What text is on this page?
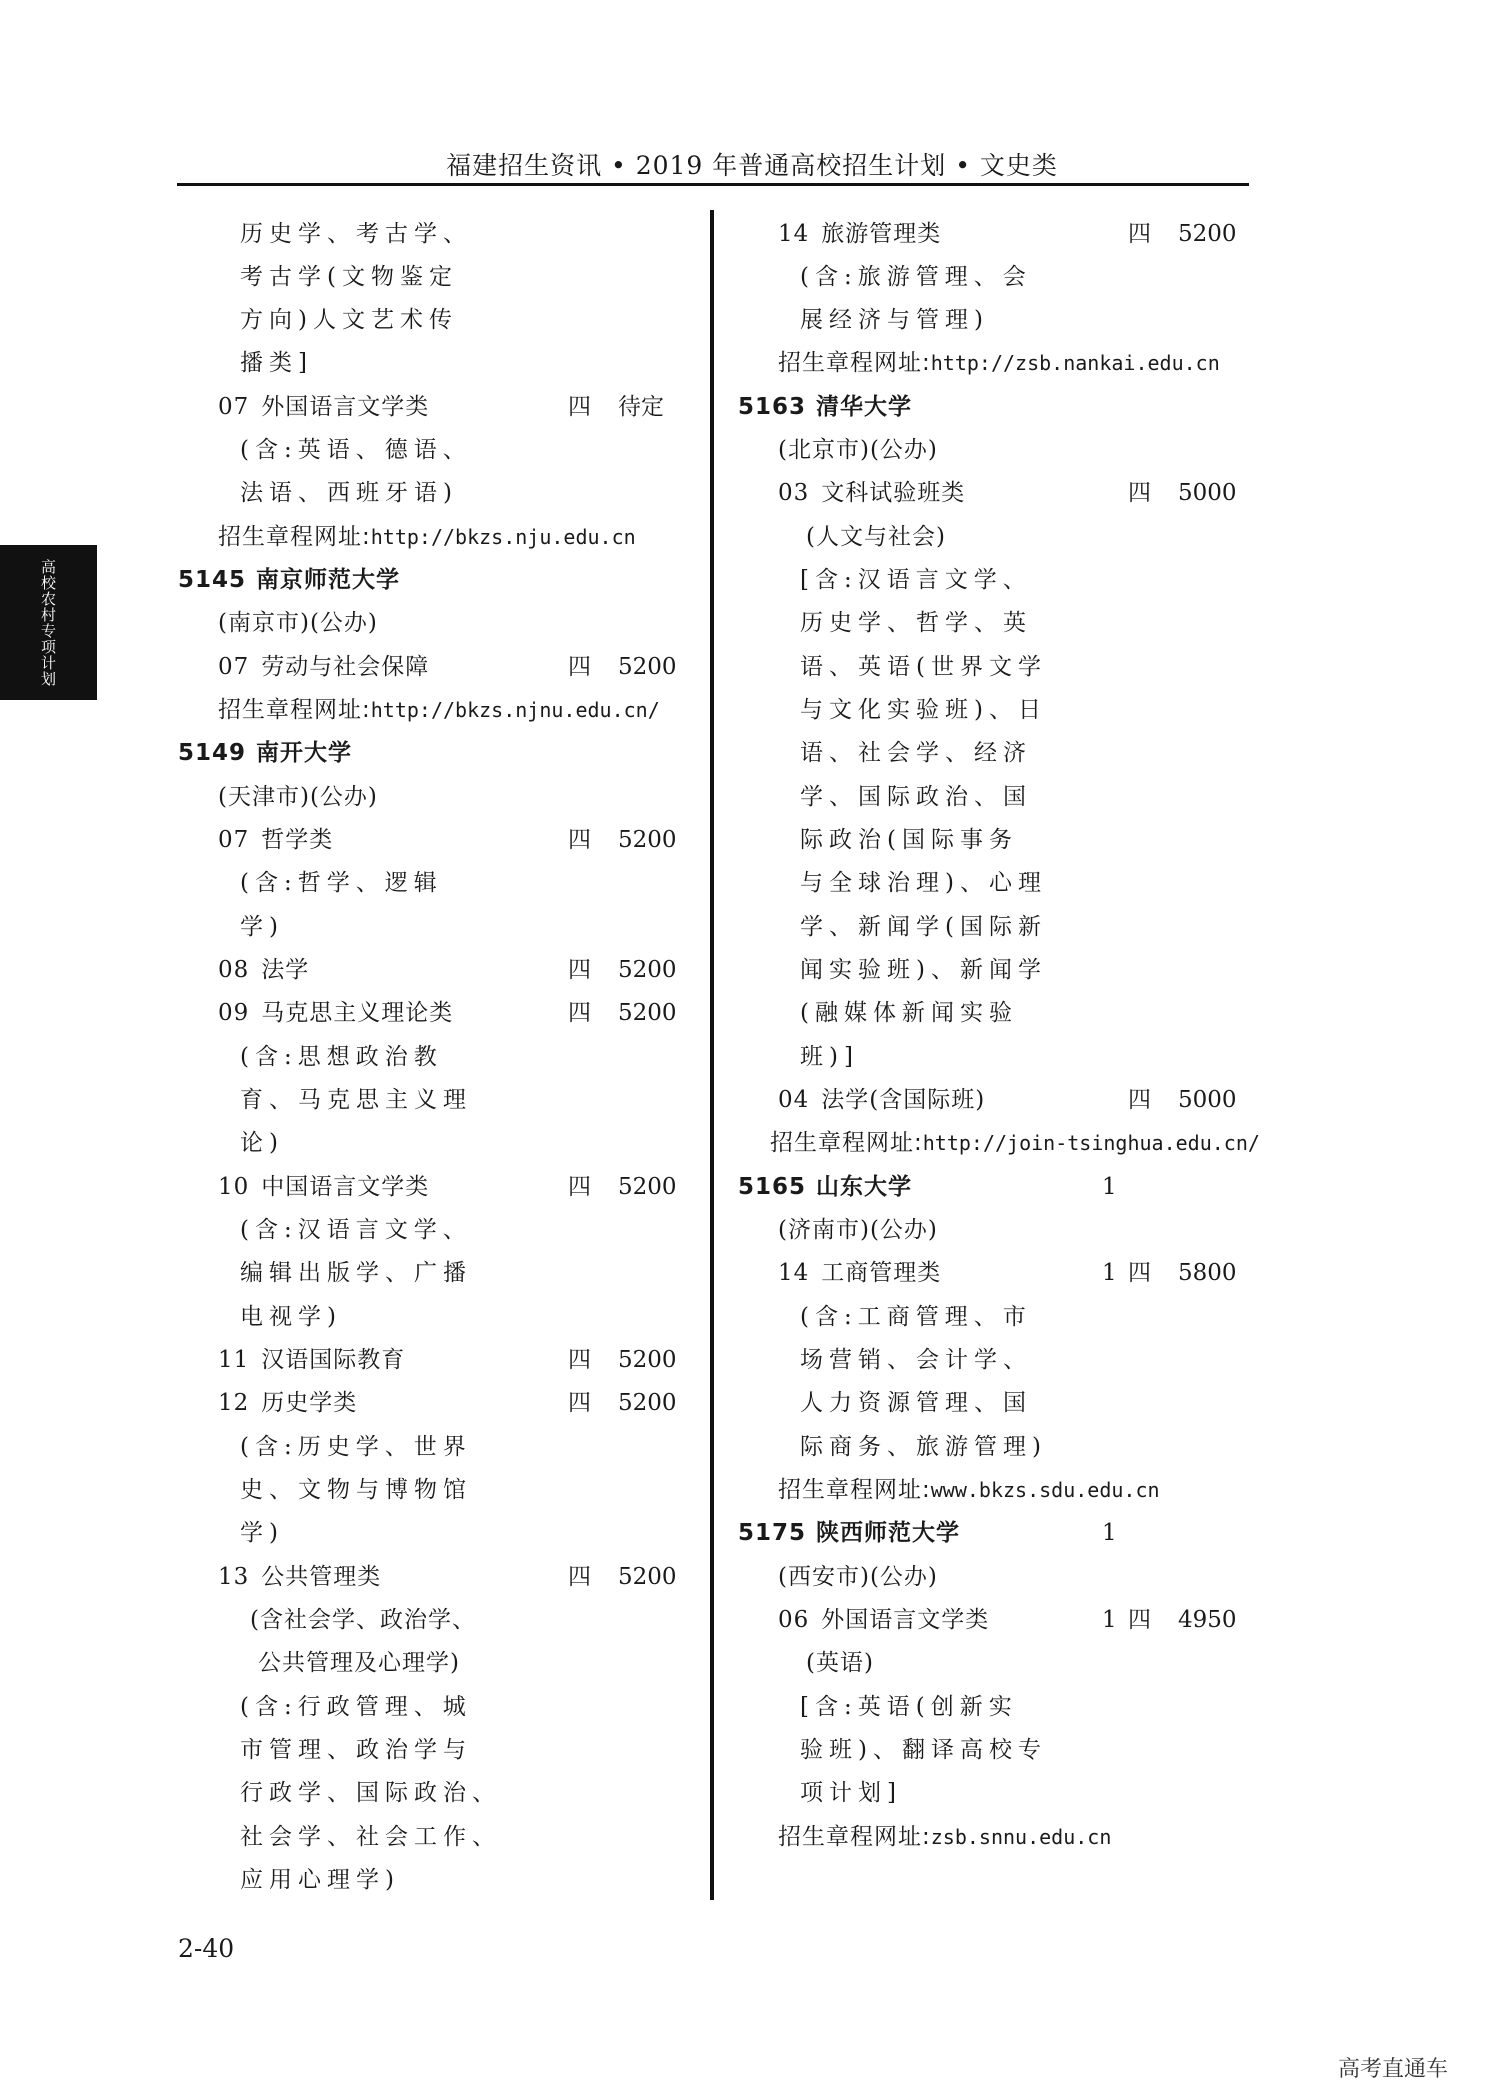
福建招生资讯 • 2019 年普通高校招生计划 • 文史类
高校农村专项计划
历史学、考古学、
考古学(文物鉴定
方向)人文艺术传
播类]
07 外国语言文学类	四 待定
(含:英语、德语、
法语、西班牙语)
招生章程网址:http://bkzs.nju.edu.cn
5145 南京师范大学
(南京市)(公办)
07 劳动与社会保障	四 5200
招生章程网址:http://bkzs.njnu.edu.cn/
5149 南开大学
(天津市)(公办)
07 哲学类	四 5200
(含:哲学、逻辑
学)
08 法学	四 5200
09 马克思主义理论类	四 5200
(含:思想政治教
育、马克思主义理
论)
10 中国语言文学类	四 5200
(含:汉语言文学、
编辑出版学、广播
电视学)
11 汉语国际教育	四 5200
12 历史学类	四 5200
(含:历史学、世界
史、文物与博物馆
学)
13 公共管理类	四 5200
(含社会学、政治学、
公共管理及心理学)
(含:行政管理、城
市管理、政治学与
行政学、国际政治、
社会学、社会工作、
应用心理学)
14 旅游管理类	四 5200
(含:旅游管理、会
展经济与管理)
招生章程网址:http://zsb.nankai.edu.cn
5163 清华大学
(北京市)(公办)
03 文科试验班类	四 5000
(人文与社会)
[含:汉语言文学、
历史学、哲学、英
语、英语(世界文学
与文化实验班)、日
语、社会学、经济
学、国际政治、国
际政治(国际事务
与全球治理)、心理
学、新闻学(国际新
闻实验班)、新闻学
(融媒体新闻实验
班)]
04 法学(含国际班)	四 5000
招生章程网址:http://join-tsinghua.edu.cn/
5165 山东大学	1
(济南市)(公办)
14 工商管理类	1 四 5800
(含:工商管理、市
场营销、会计学、
人力资源管理、国
际商务、旅游管理)
招生章程网址:www.bkzs.sdu.edu.cn
5175 陕西师范大学	1
(西安市)(公办)
06 外国语言文学类	1 四 4950
(英语)
[含:英语(创新实
验班)、翻译高校专
项计划]
招生章程网址:zsb.snnu.edu.cn
2-40
高考直通车
